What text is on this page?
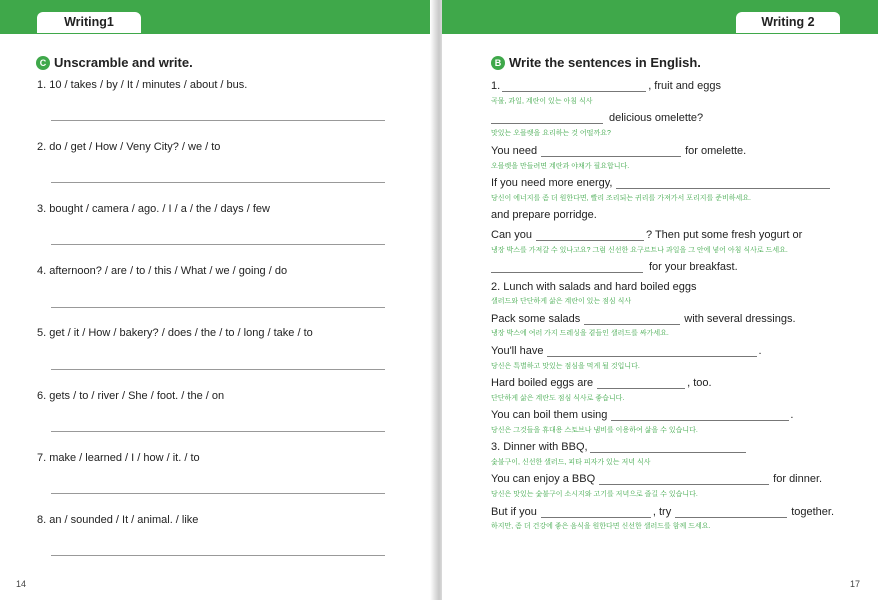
Writing1
C Unscramble and write.
1. 10 / takes / by / It / minutes / about / bus.
2. do / get / How / Veny City? / we / to
3. bought / camera / ago. / I / a / the / days / few
4. afternoon? / are / to / this / What / we / going / do
5. get / it / How / bakery? / does / the / to / long / take / to
6. gets / to / river / She / foot. / the / on
7. make / learned / I / how / it. / to
8. an / sounded / It / animal. / like
14
Writing 2
B Write the sentences in English.
1.	, fruit and eggs
곡물, 과일, 계란이 있는 아침 식사
delicious omelette?
맛있는 오믈렛을 요리하는 것 어떨까요?
You need	for omelette.
오믈렛을 만들려면 계란과 야채가 필요합니다.
If you need more energy,
당신이 에너지를 좀 더 원한다면, 빨리 조리되는 귀리를 가져가서 포리지를 준비하세요.
and prepare porridge.
Can you	? Then put some fresh yogurt or
냉장 박스를 가져갈 수 있나고요? 그럼 신선한 요구르트나 과일을 그 안에 넣어 아침 식사로 드세요.
for your breakfast.
2. Lunch with salads and hard boiled eggs
샐러드와 단단하게 삶은 계란이 있는 점심 식사
Pack some salads	with several dressings.
냉장 박스에 여러 가지 드레싱을 곁들인 샐러드를 싸가세요.
You'll have	.
당신은 특별하고 맛있는 점심을 먹게 될 것입니다.
Hard boiled eggs are	, too.
단단하게 삶은 계란도 점심 식사로 좋습니다.
You can boil them using	.
당신은 그것들을 휴대용 스토브나 냄비를 이용하여 삶을 수 있습니다.
3. Dinner with BBQ,
숯불구이, 신선한 샐러드, 피타 피자가 있는 저녁 식사
You can enjoy a BBQ	for dinner.
당신은 맛있는 숯불구이 소시지와 고기를 저녁으로 즐길 수 있습니다.
But if you	, try	together.
하지만, 좀 더 건강에 좋은 음식을 원한다면 신선한 샐러드를 함께 드세요.
17
